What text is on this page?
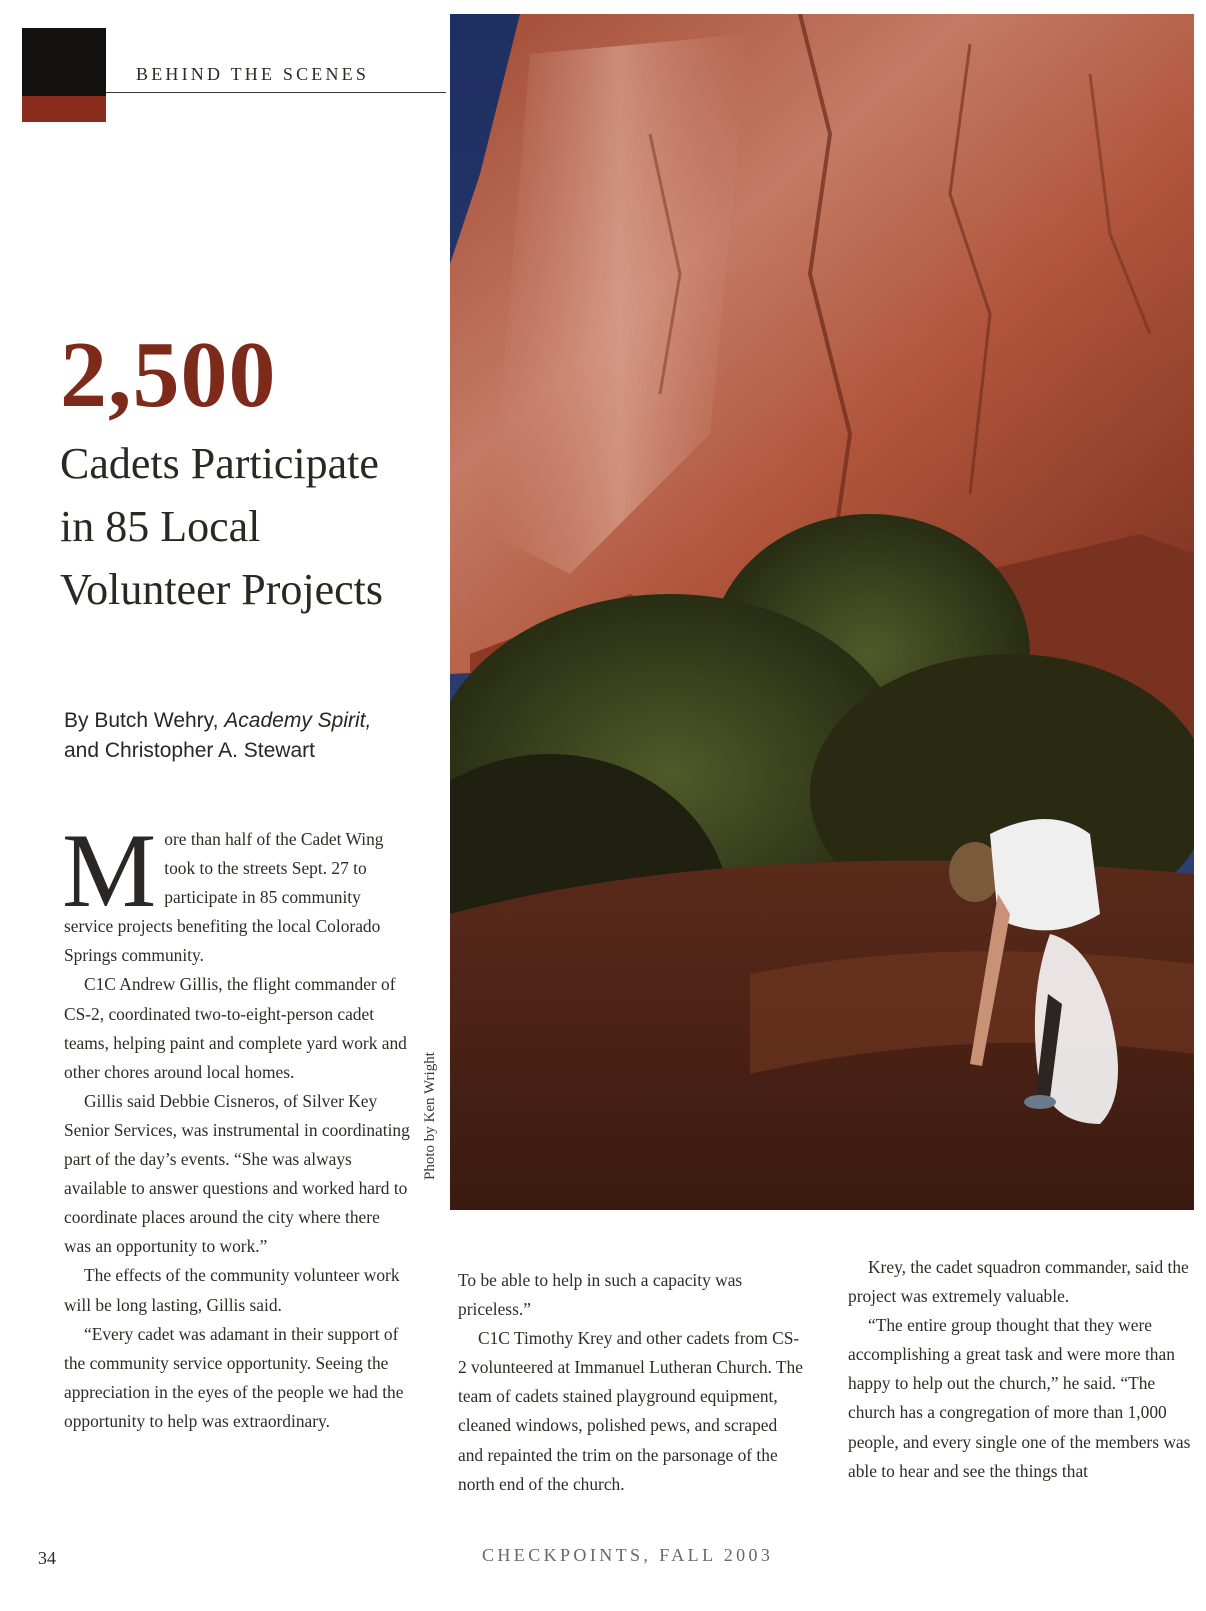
BEHIND THE SCENES
2,500
Cadets Participate
in 85 Local
Volunteer Projects
By Butch Wehry, Academy Spirit,
and Christopher A. Stewart

More than half of the Cadet Wing took to the streets Sept. 27 to participate in 85 community service projects benefiting the local Colorado Springs community.

C1C Andrew Gillis, the flight commander of CS-2, coordinated two-to-eight-person cadet teams, helping paint and complete yard work and other chores around local homes.

Gillis said Debbie Cisneros, of Silver Key Senior Services, was instrumental in coordinating part of the day’s events. “She was always available to answer questions and worked hard to coordinate places around the city where there was an opportunity to work.”

The effects of the community volunteer work will be long lasting, Gillis said.

“Every cadet was adamant in their support of the community service opportunity. Seeing the appreciation in the eyes of the people we had the opportunity to help was extraordinary.

Photo by Ken Wright

To be able to help in such a capacity was priceless.”

C1C Timothy Krey and other cadets from CS-2 volunteered at Immanuel Lutheran Church. The team of cadets stained playground equipment, cleaned windows, polished pews, and scraped and repainted the trim on the parsonage of the north end of the church.

Krey, the cadet squadron commander, said the project was extremely valuable.

“The entire group thought that they were accomplishing a great task and were more than happy to help out the church,” he said. “The church has a congregation of more than 1,000 people, and every single one of the members was able to hear and see the things that

34	CHECKPOINTS, FALL 2003
